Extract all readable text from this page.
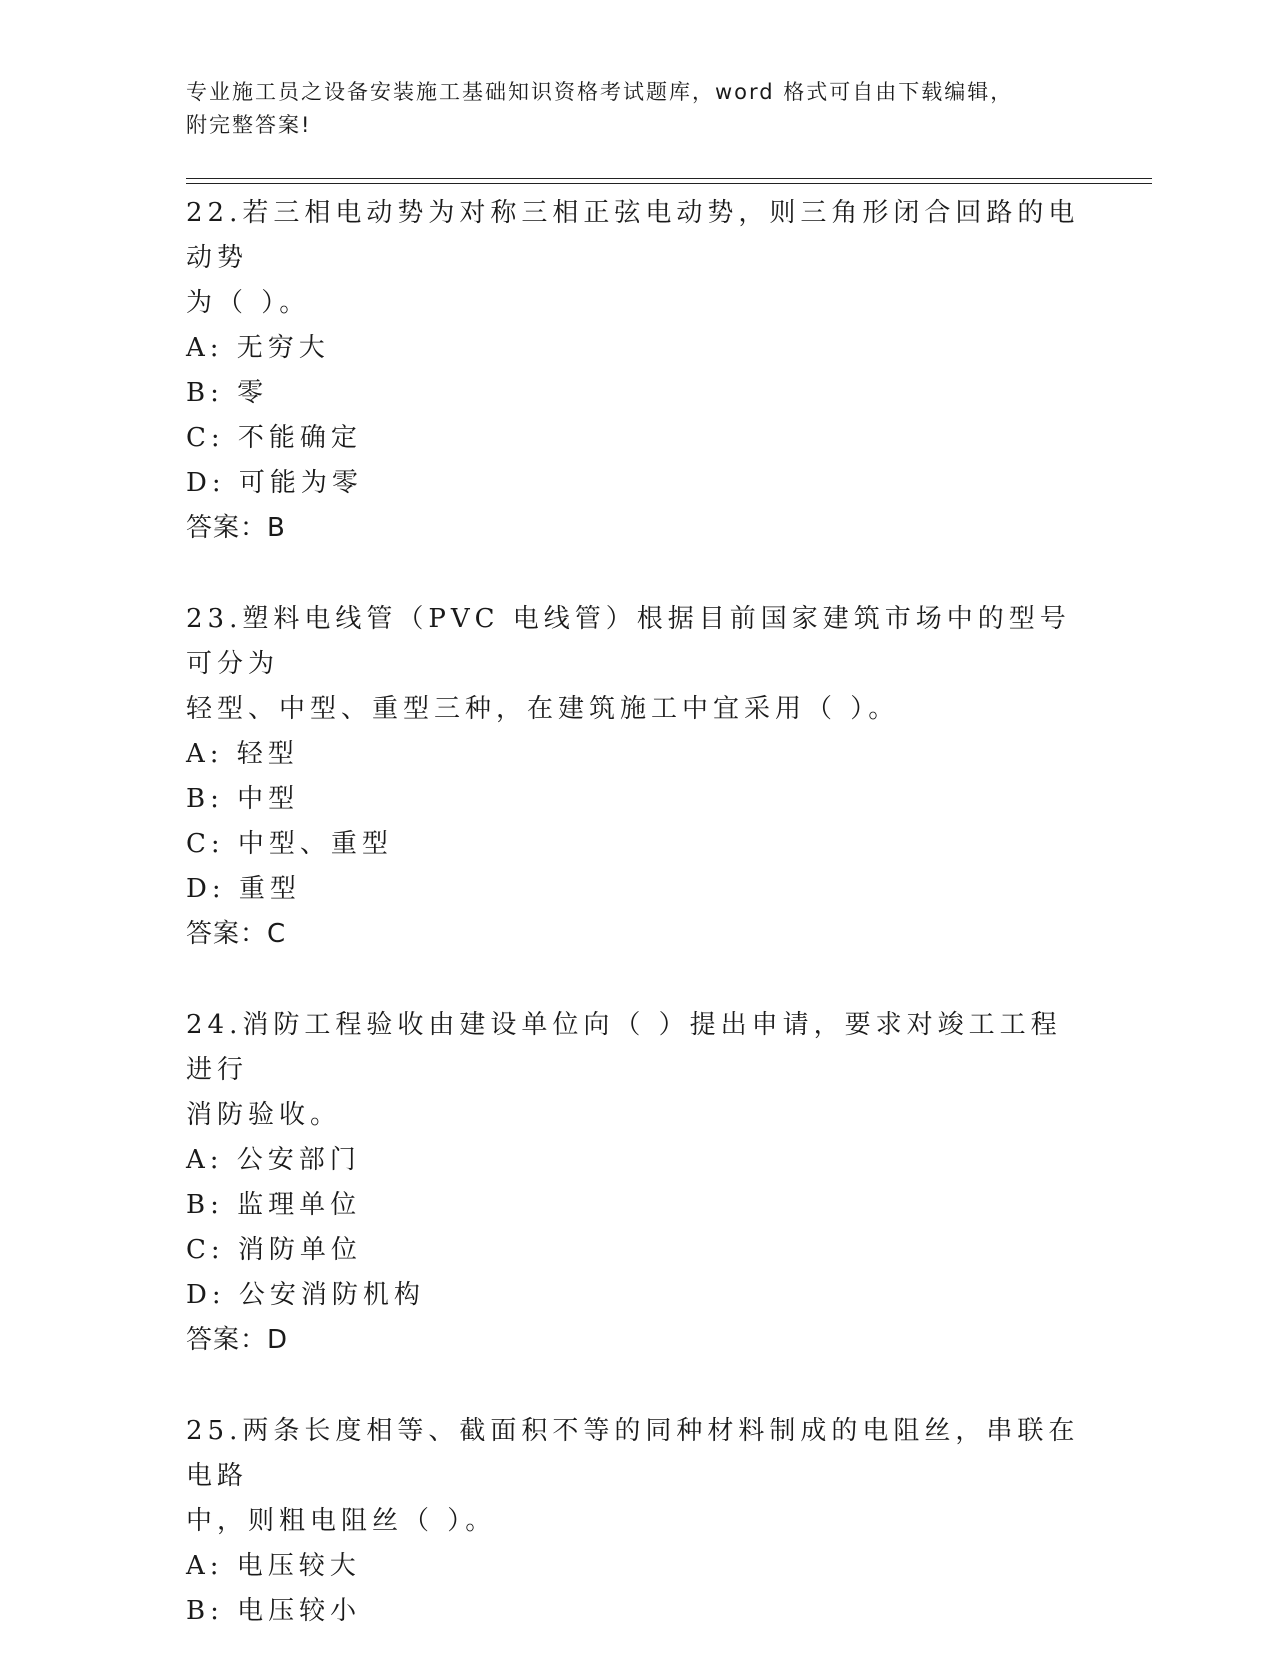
专业施工员之设备安装施工基础知识资格考试题库，word 格式可自由下载编辑，
附完整答案!

22.若三相电动势为对称三相正弦电动势，则三角形闭合回路的电动势

为（ ）。

A: 无穷大

B: 零

C: 不能确定

D: 可能为零

答案：B

23.塑料电线管（PVC 电线管）根据目前国家建筑市场中的型号可分为

轻型、中型、重型三种，在建筑施工中宜采用（ ）。

A: 轻型

B: 中型

C: 中型、重型

D: 重型

答案：C

24.消防工程验收由建设单位向（ ）提出申请，要求对竣工工程进行

消防验收。

A: 公安部门

B: 监理单位

C: 消防单位

D: 公安消防机构

答案：D

25.两条长度相等、截面积不等的同种材料制成的电阻丝，串联在电路

中，则粗电阻丝（ ）。

A: 电压较大

B: 电压较小
